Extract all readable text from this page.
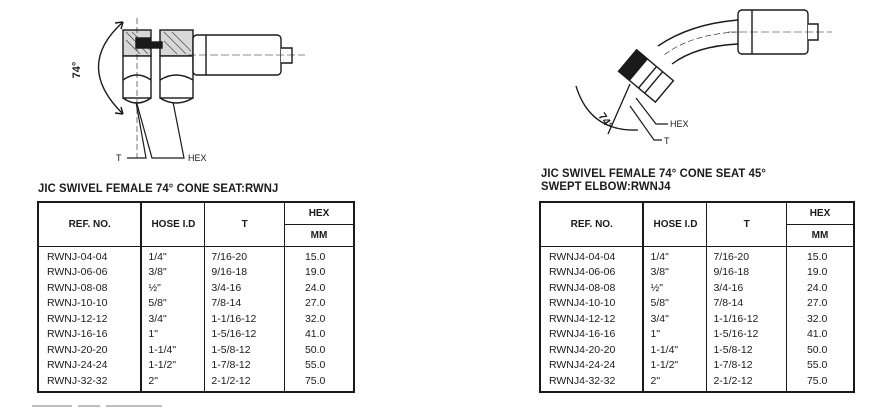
74°
T	HEX
74°	HEX
T
JIC SWIVEL FEMALE 74° CONE SEAT:RWNJ
JIC SWIVEL FEMALE 74° CONE SEAT 45°
SWEPT ELBOW:RWNJ4
REF. NO.	HOSE I.D	T	HEX
			MM
RWNJ-04-04	1/4"	7/16-20	15.0
RWNJ-06-06	3/8"	9/16-18	19.0
RWNJ-08-08	½"	3/4-16	24.0
RWNJ-10-10	5/8"	7/8-14	27.0
RWNJ-12-12	3/4"	1-1/16-12	32.0
RWNJ-16-16	1"	1-5/16-12	41.0
RWNJ-20-20	1-1/4"	1-5/8-12	50.0
RWNJ-24-24	1-1/2"	1-7/8-12	55.0
RWNJ-32-32	2"	2-1/2-12	75.0
REF. NO.	HOSE I.D	T	HEX
			MM
RWNJ4-04-04	1/4"	7/16-20	15.0
RWNJ4-06-06	3/8"	9/16-18	19.0
RWNJ4-08-08	½"	3/4-16	24.0
RWNJ4-10-10	5/8"	7/8-14	27.0
RWNJ4-12-12	3/4"	1-1/16-12	32.0
RWNJ4-16-16	1"	1-5/16-12	41.0
RWNJ4-20-20	1-1/4"	1-5/8-12	50.0
RWNJ4-24-24	1-1/2"	1-7/8-12	55.0
RWNJ4-32-32	2"	2-1/2-12	75.0
